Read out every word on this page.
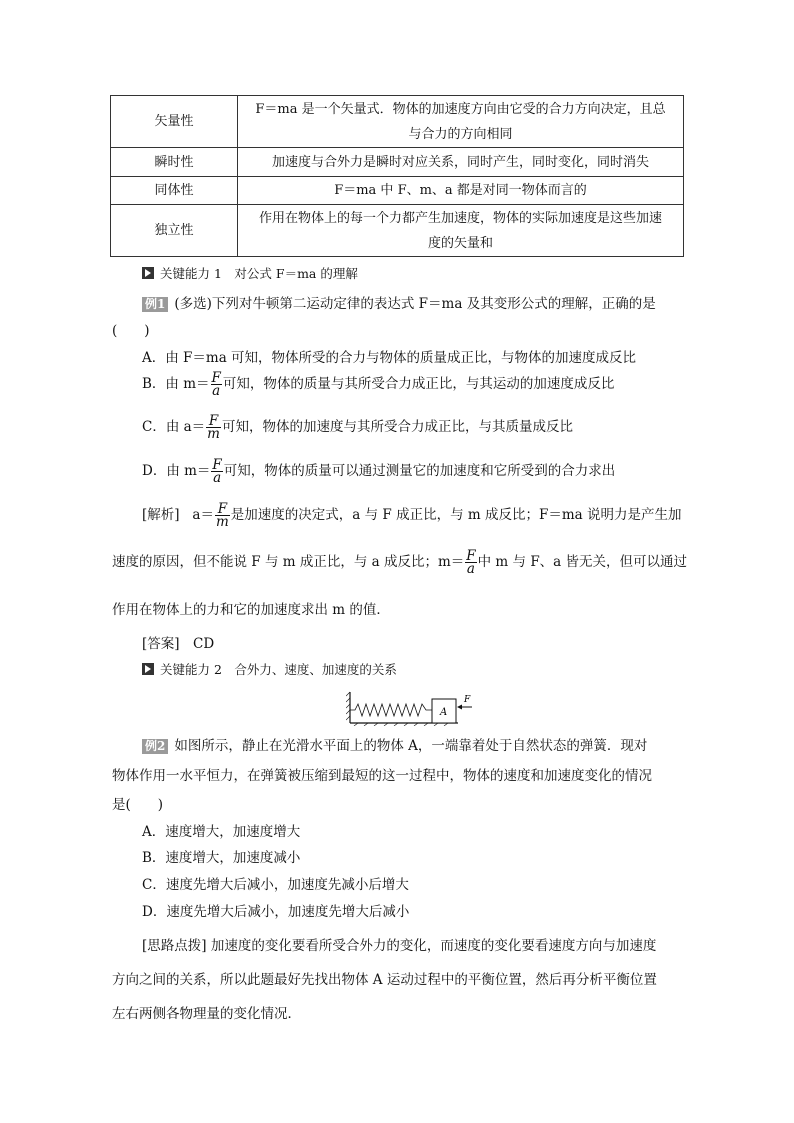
矢量性	F＝ma 是一个矢量式．物体的加速度方向由它受的合力方向决定，且总
与合力的方向相同
瞬时性	加速度与合外力是瞬时对应关系，同时产生，同时变化，同时消失
同体性	F＝ma 中 F、m、a 都是对同一物体而言的
独立性	作用在物体上的每一个力都产生加速度，物体的实际加速度是这些加速
度的矢量和
关键能力 1　对公式 F＝ma 的理解
例1 (多选)下列对牛顿第二运动定律的表达式 F＝ma 及其变形公式的理解，正确的是
(　　)
A．由 F＝ma 可知，物体所受的合力与物体的质量成正比，与物体的加速度成反比
B．由 $m= \frac{F}{a}$ 可知，物体的质量与其所受合力成正比，与其运动的加速度成反比
C．由 $a= \frac{F}{m}$ 可知，物体的加速度与其所受合力成正比，与其质量成反比
D．由 $m= \frac{F}{a}$ 可知，物体的质量可以通过测量它的加速度和它所受到的合力求出
[解析] $a= \frac{F}{m}$ 是加速度的决定式，a 与 F 成正比，与 m 成反比；F＝ma 说明力是产生加
速度的原因，但不能说 F 与 m 成正比，与 a 成反比；$m= \frac{F}{a}$ 中 m 与 F、a 皆无关，但可以通过
作用在物体上的力和它的加速度求出 m 的值．
[答案]　CD
关键能力 2　合外力、速度、加速度的关系
A
F
例2 如图所示，静止在光滑水平面上的物体 A，一端靠着处于自然状态的弹簧．现对
物体作用一水平恒力，在弹簧被压缩到最短的这一过程中，物体的速度和加速度变化的情况
是(　　)
A．速度增大，加速度增大
B．速度增大，加速度减小
C．速度先增大后减小，加速度先减小后增大
D．速度先增大后减小，加速度先增大后减小
[思路点拨] 加速度的变化要看所受合外力的变化，而速度的变化要看速度方向与加速度
方向之间的关系，所以此题最好先找出物体 A 运动过程中的平衡位置，然后再分析平衡位置
左右两侧各物理量的变化情况．
